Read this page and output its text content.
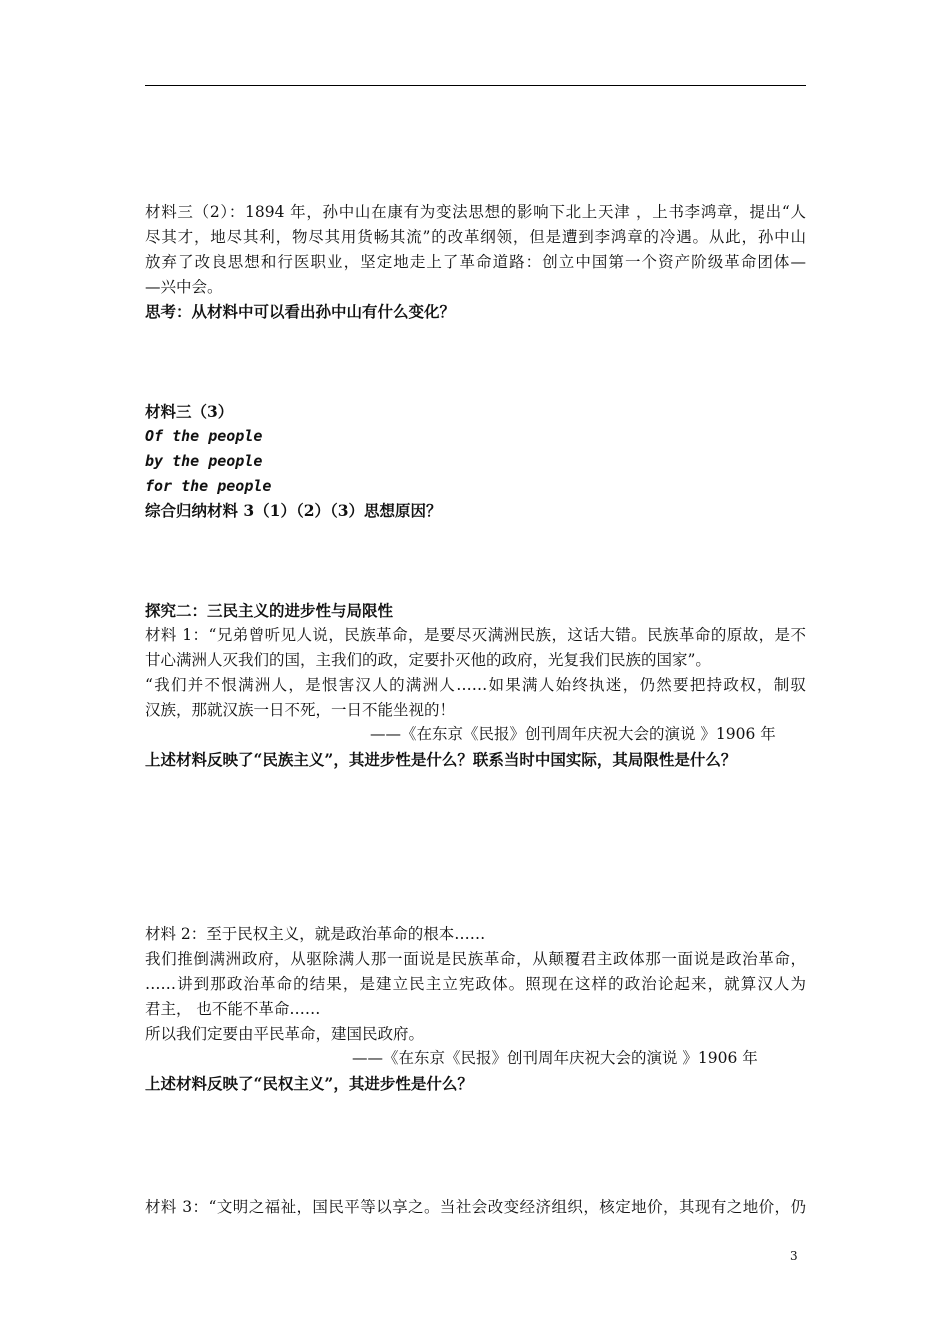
材料三（2）：1894 年，孙中山在康有为变法思想的影响下北上天津 ，上书李鸿章，提出“人
尽其才，地尽其利，物尽其用货畅其流”的改革纲领，但是遭到李鸿章的冷遇。从此，孙中山
放弃了改良思想和行医职业，坚定地走上了革命道路：创立中国第一个资产阶级革命团体—
—兴中会。
思考：从材料中可以看出孙中山有什么变化？
材料三（3）
Of the people
by the people
for the people
综合归纳材料 3（1）（2）（3）思想原因？
探究二：三民主义的进步性与局限性
材料 1：“兄弟曾听见人说，民族革命，是要尽灭满洲民族，这话大错。民族革命的原故，是不
甘心满洲人灭我们的国，主我们的政，定要扑灭他的政府，光复我们民族的国家”。
“我们并不恨满洲人，是恨害汉人的满洲人……如果满人始终执迷，仍然要把持政权，制驭
汉族，那就汉族一日不死，一日不能坐视的！
——《在东京《民报》创刊周年庆祝大会的演说 》1906 年
上述材料反映了“民族主义”，其进步性是什么？联系当时中国实际，其局限性是什么？
材料 2：至于民权主义，就是政治革命的根本……
我们推倒满洲政府，从驱除满人那一面说是民族革命，从颠覆君主政体那一面说是政治革命，
……讲到那政治革命的结果，是建立民主立宪政体。照现在这样的政治论起来，就算汉人为
君主， 也不能不革命……
所以我们定要由平民革命，建国民政府。
——《在东京《民报》创刊周年庆祝大会的演说 》1906 年
上述材料反映了“民权主义”，其进步性是什么？
材料 3：“文明之福祉，国民平等以享之。当社会改变经济组织，核定地价，其现有之地价，仍
3
